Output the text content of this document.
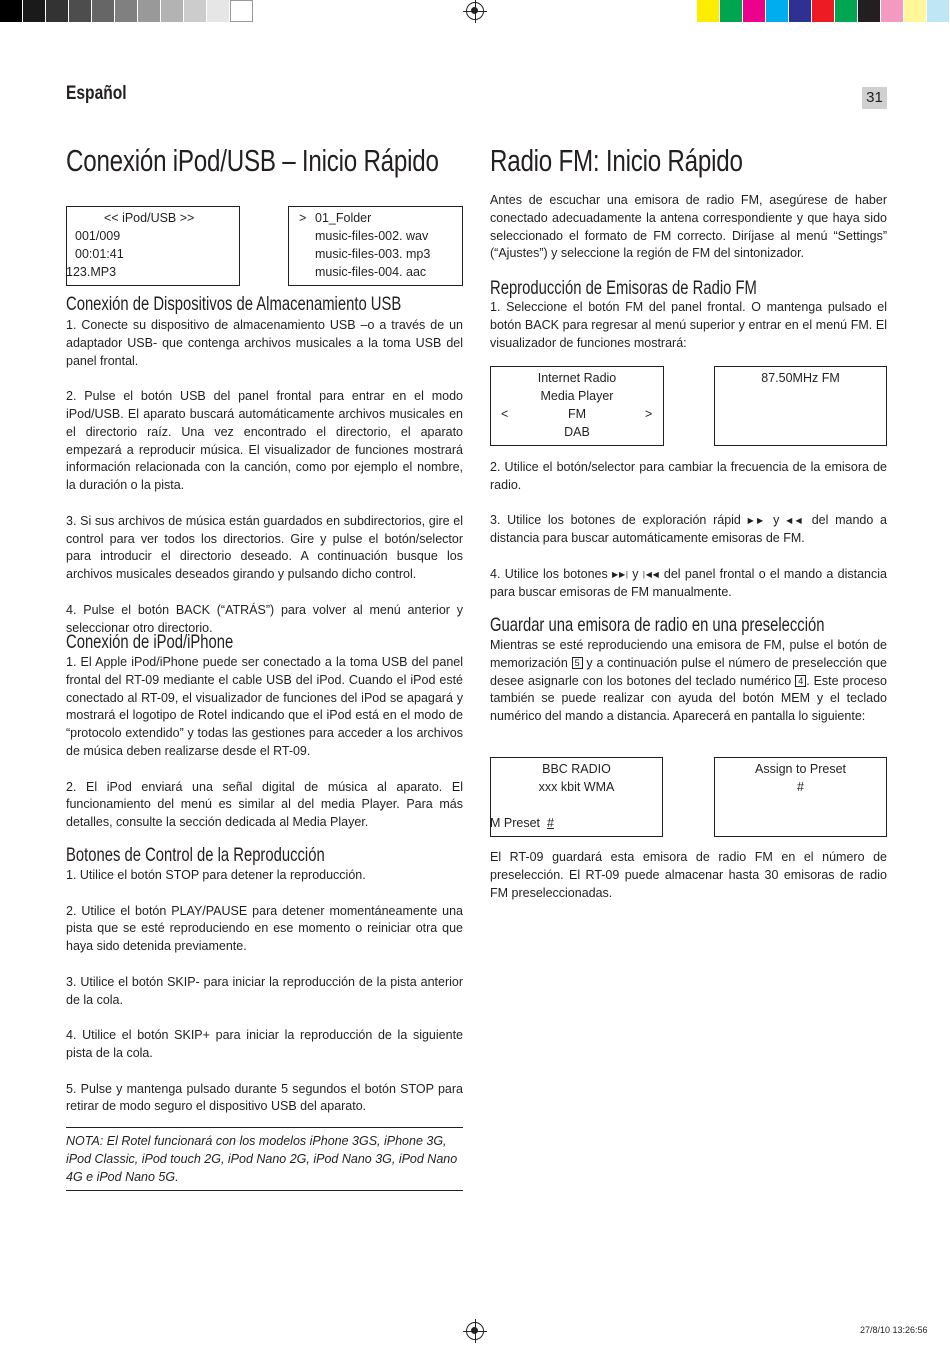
Español	31
Conexión iPod/USB – Inicio Rápido
<< iPod/USB >>
001/009
00:01:41
123.MP3
> 01_Folder
music-files-002. wav
music-files-003. mp3
music-files-004. aac
Conexión de Dispositivos de Almacenamiento USB

1. Conecte su dispositivo de almacenamiento USB –o a través de un adaptador USB- que contenga archivos musicales a la toma USB del panel frontal.

2. Pulse el botón USB del panel frontal para entrar en el modo iPod/USB. El aparato buscará automáticamente archivos musicales en el directorio raíz. Una vez encontrado el directorio, el aparato empezará a reproducir música. El visualizador de funciones mostrará información relacionada con la canción, como por ejemplo el nombre, la duración o la pista.

3. Si sus archivos de música están guardados en subdirectorios, gire el control para ver todos los directorios. Gire y pulse el botón/selector para introducir el directorio deseado. A continuación busque los archivos musicales deseados girando y pulsando dicho control.

4. Pulse el botón BACK (“ATRÁS”) para volver al menú anterior y seleccionar otro directorio.

Conexión de iPod/iPhone

1. El Apple iPod/iPhone puede ser conectado a la toma USB del panel frontal del RT-09 mediante el cable USB del iPod. Cuando el iPod esté conectado al RT-09, el visualizador de funciones del iPod se apagará y mostrará el logotipo de Rotel indicando que el iPod está en el modo de “protocolo extendido” y todas las gestiones para acceder a los archivos de música deben realizarse desde el RT-09.

2. El iPod enviará una señal digital de música al aparato. El funcionamiento del menú es similar al del media Player. Para más detalles, consulte la sección dedicada al Media Player.

Botones de Control de la Reproducción

1. Utilice el botón STOP para detener la reproducción.

2. Utilice el botón PLAY/PAUSE para detener momentáneamente una pista que se esté reproduciendo en ese momento o reiniciar otra que haya sido detenida previamente.

3. Utilice el botón SKIP- para iniciar la reproducción de la pista anterior de la cola.

4. Utilice el botón SKIP+ para iniciar la reproducción de la siguiente pista de la cola.

5. Pulse y mantenga pulsado durante 5 segundos el botón STOP para retirar de modo seguro el dispositivo USB del aparato.

NOTA: El Rotel funcionará con los modelos iPhone 3GS, iPhone 3G, iPod Classic, iPod touch 2G, iPod Nano 2G, iPod Nano 3G, iPod Nano 4G e iPod Nano 5G.
Radio FM: Inicio Rápido
Antes de escuchar una emisora de radio FM, asegúrese de haber conectado adecuadamente la antena correspondiente y que haya sido seleccionado el formato de FM correcto. Diríjase al menú “Settings” (“Ajustes”) y seleccione la región de FM del sintonizador.
Reproducción de Emisoras de Radio FM
1. Seleccione el botón FM del panel frontal. O mantenga pulsado el botón BACK para regresar al menú superior y entrar en el menú FM. El visualizador de funciones mostrará:
Internet Radio
Media Player
FM
DAB
<	>
87.50MHz FM

2. Utilice el botón/selector para cambiar la frecuencia de la emisora de radio.

3. Utilice los botones de exploración rápid ▶▶ y ◀◀ del mando a distancia para buscar automáticamente emisoras de FM.

4. Utilice los botones ▶▶| y |◀◀ del panel frontal o el mando a distancia para buscar emisoras de FM manualmente.

Guardar una emisora de radio en una preselección
Mientras se esté reproduciendo una emisora de FM, pulse el botón de memorización 5 y a continuación pulse el número de preselección que desee asignarle con los botones del teclado numérico 4 . Este proceso también se puede realizar con ayuda del botón MEM y el teclado numérico del mando a distancia. Aparecerá en pantalla lo siguiente:
BBC RADIO
xxx kbit WMA
M Preset #
Assign to Preset
#
El RT-09 guardará esta emisora de radio FM en el número de preselección. El RT-09 puede almacenar hasta 30 emisoras de radio FM preseleccionadas.
27/8/10 13:26:56
